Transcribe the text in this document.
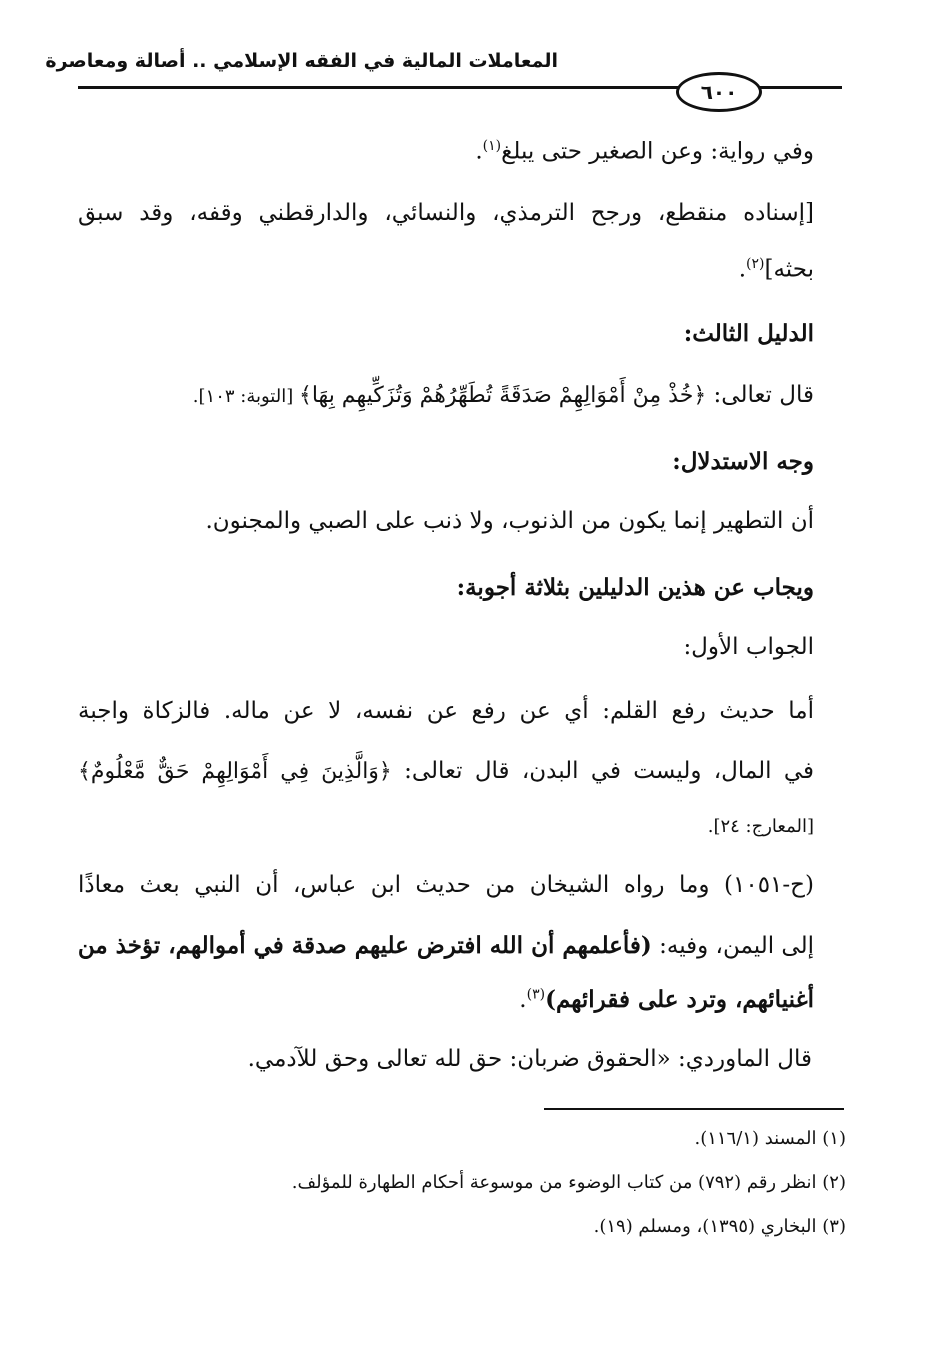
المعاملات المالية في الفقه الإسلامي .. أصالة ومعاصرة
٦٠٠
وفي رواية: وعن الصغير حتى يبلغ$^{(١)}$.
[إسناده منقطع، ورجح الترمذي، والنسائي، والدارقطني وقفه، وقد سبق
بحثه]$^{(٢)}$.
الدليل الثالث:
قال تعالى: ﴿خُذْ مِنْ أَمْوَالِهِمْ صَدَقَةً تُطَهِّرُهُمْ وَتُزَكِّيهِم بِهَا﴾ [التوبة: ١٠٣].
وجه الاستدلال:
أن التطهير إنما يكون من الذنوب، ولا ذنب على الصبي والمجنون.
ويجاب عن هذين الدليلين بثلاثة أجوبة:
الجواب الأول:
أما حديث رفع القلم: أي عن رفع عن نفسه، لا عن ماله. فالزكاة واجبة
في المال، وليست في البدن، قال تعالى: ﴿وَالَّذِينَ فِي أَمْوَالِهِمْ حَقٌّ مَّعْلُومٌ﴾
[المعارج: ٢٤].
(ح-١٠٥١) وما رواه الشيخان من حديث ابن عباس، أن النبي بعث معاذًا
إلى اليمن، وفيه: (فأعلمهم أن الله افترض عليهم صدقة في أموالهم، تؤخذ من
أغنيائهم، وترد على فقرائهم)$^{(٣)}$.
قال الماوردي: «الحقوق ضربان: حق لله تعالى وحق للآدمي.
(١) المسند (١١٦/١).
(٢) انظر رقم (٧٩٢) من كتاب الوضوء من موسوعة أحكام الطهارة للمؤلف.
(٣) البخاري (١٣٩٥)، ومسلم (١٩).
